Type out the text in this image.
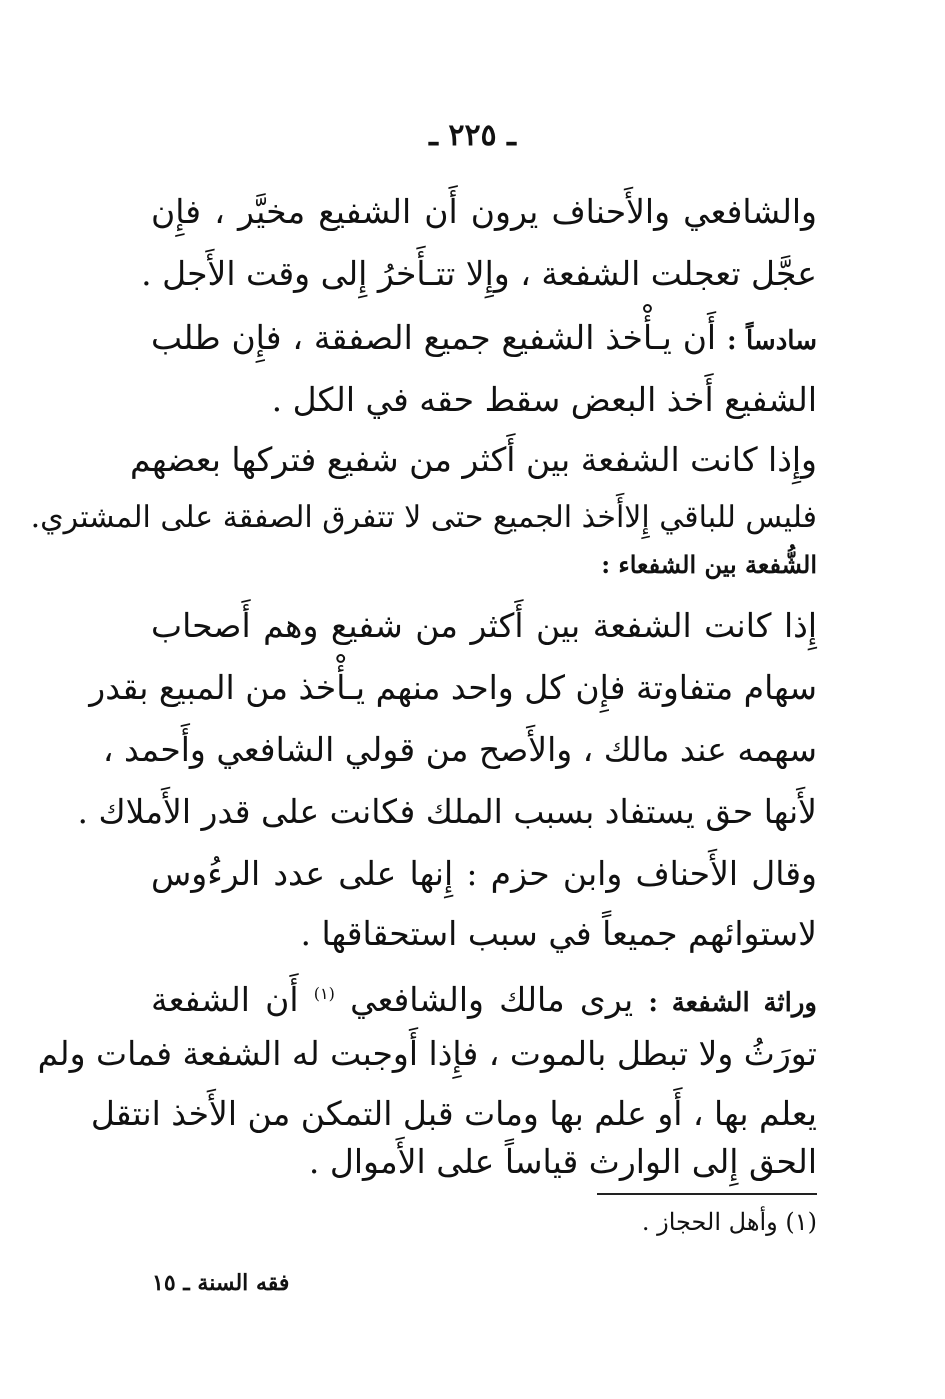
ـ ٢٢٥ ـ
والشافعي والأَحناف يرون أَن الشفيع مخيَّر ، فإِن
عجَّل تعجلت الشفعة ، وإِلا تتـأَخرُ إِلى وقت الأَجل .
سادساً : أَن يـأْخذ الشفيع جميع الصفقة ، فإِن طلب
الشفيع أَخذ البعض سقط حقه في الكل .
وإِذا كانت الشفعة بين أَكثر من شفيع فتركها بعضهم
فليس للباقي إِلاأَخذ الجميع حتى لا تتفرق الصفقة على المشتري.
الشُّفعة بين الشفعاء :
إِذا كانت الشفعة بين أَكثر من شفيع وهم أَصحاب
سهام متفاوتة فإِن كل واحد منهم يـأْخذ من المبيع بقدر
سهمه عند مالك ، والأَصح من قولي الشافعي وأَحمد ،
لأَنها حق يستفاد بسبب الملك فكانت على قدر الأَملاك .
وقال الأَحناف وابن حزم : إِنها على عدد الرءُوس
لاستوائهم جميعاً في سبب استحقاقها .
وراثة الشفعة : يرى مالك والشافعي $^{(١)}$ أَن الشفعة
تورَثُ ولا تبطل بالموت ، فإِذا أَوجبت له الشفعة فمات ولم
يعلم بها ، أَو علم بها ومات قبل التمكن من الأَخذ انتقل
الحق إِلى الوارث قياساً على الأَموال .
(١) وأهل الحجاز .
فقه السنة ـ ١٥
